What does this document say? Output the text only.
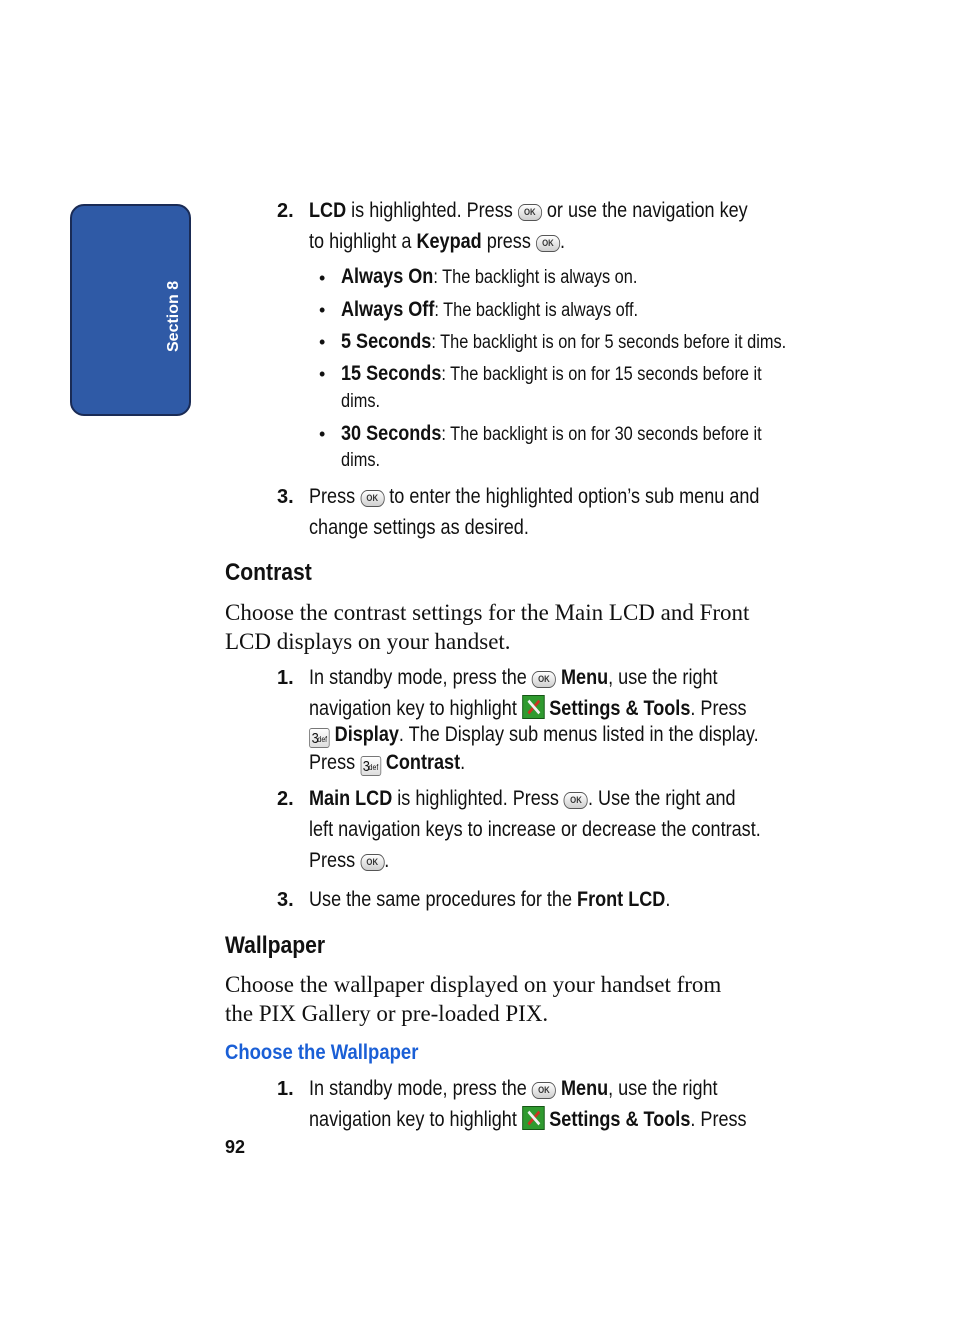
Section 8
2. LCD is highlighted. Press OK or use the navigation key
to highlight a Keypad press OK .
• Always On: The backlight is always on.
• Always Off: The backlight is always off.
• 5 Seconds: The backlight is on for 5 seconds before it dims.
• 15 Seconds: The backlight is on for 15 seconds before it
dims.
• 30 Seconds: The backlight is on for 30 seconds before it
dims.
3. Press OK to enter the highlighted option’s sub menu and
change settings as desired.
Contrast
Choose the contrast settings for the Main LCD and Front
LCD displays on your handset.
1. In standby mode, press the OK Menu, use the right
navigation key to highlight  Settings & Tools. Press
3
def Display. The Display sub menus listed in the display.
Press 3
def Contrast.
2. Main LCD is highlighted. Press OK . Use the right and
left navigation keys to increase or decrease the contrast.
Press OK .
3. Use the same procedures for the Front LCD.
Wallpaper
Choose the wallpaper displayed on your handset from
the PIX Gallery or pre-loaded PIX.
Choose the Wallpaper
1. In standby mode, press the OK Menu, use the right
navigation key to highlight  Settings & Tools. Press
92
